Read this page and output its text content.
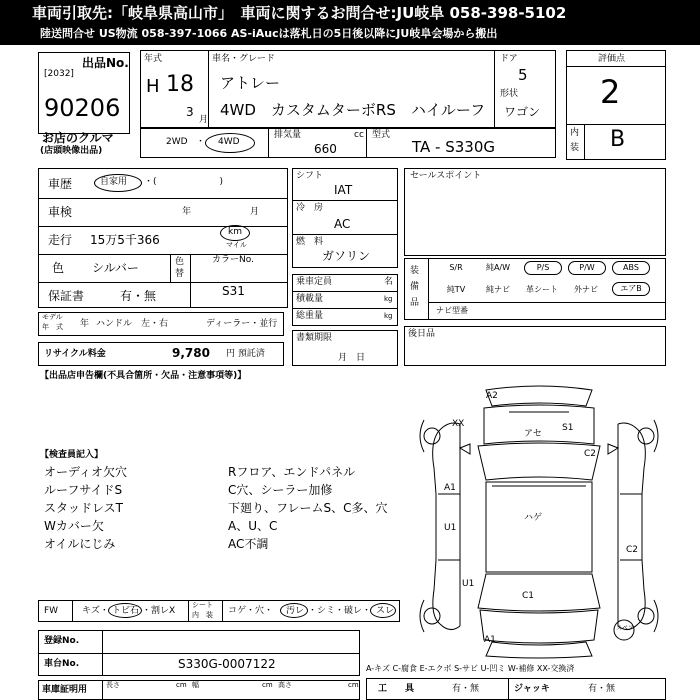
車両引取先:「岐阜県高山市」　車両に関するお問合せ:JU岐阜 058-398-5102
陸送問合せ US物流 058-397-1066 AS-iAucは落札日の5日後以降にJU岐阜会場から搬出
出品No.
[2032]
90206
お店のクルマ
(店頭映像出品)
年式
H 18
3
月
車名・グレード
アトレー
4WD　カスタムターボRS　ハイルーフ
ドア
5
形状
ワゴン
2WD ・ 4WD
排気量	cc
660
型式
TA - S330G
評価点
2
内
装 B
車歴	自家用 ・(　　　　　　　)
車検	年	月
走行 15万5千366
km
マイル
色 シルバー	色
替
カラーNo.
S31
保証書	有・無
モデル
年　式 年 ハンドル　左・右	ディーラー・並行
リサイクル料金	9,780 円 預託済
【出品店申告欄(不具合箇所・欠品・注意事項等)】
シフト
IAT
冷　房
AC
燃　料
ガソリン
乗車定員	名
積載量	kg
総重量	kg
書類期限
月　日
セールスポイント
装
備
品
S/R	純A/W	P/S	P/W	ABS
純TV	純ナビ	革シート	外ナビ	エアB
ナビ型番
後日品
【検査員記入】
オーディオ欠穴
ルーフサイドS
スタッドレスT
Wカバー欠
オイルにじみ
Rフロア、エンドパネル
C穴、シーラー加修
下廻り、フレームS、C多、穴
A、U、C
AC不調
FW	キズ・ トビ石 ・割レX
シート
内　装 コゲ・穴・ 汚レ ・シミ・破レ・ スレ
登録No.
車台No.	S330G-0007122
車庫証明用	長さ	cm 幅	cm 高さ	cm
A-キズ C-腐食 E-エクボ S-サビ U-凹ミ W-補修 XX-交換済
工　　具	有・無	ジャッキ	有・無
A2
XX
アセ
S1
C2
A1
U1
ハゲ
C2
U1
C1
A1
スペア
